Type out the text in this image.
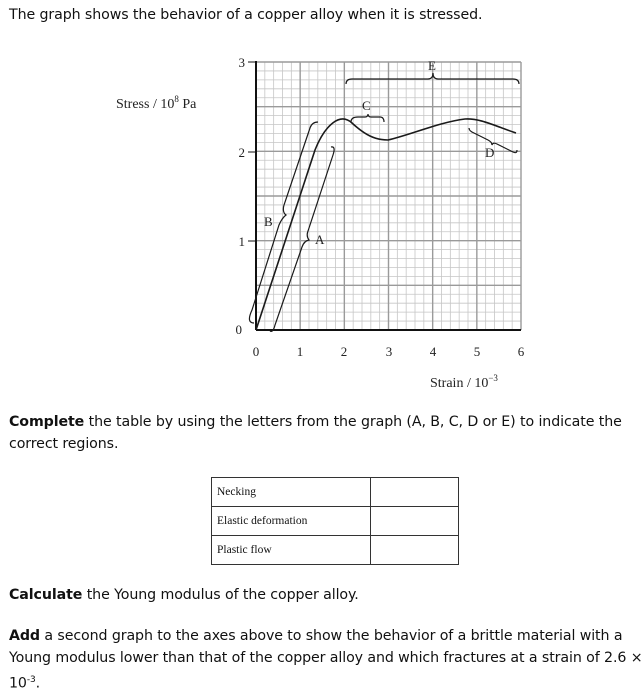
The graph shows the behavior of a copper alloy when it is stressed.
3
2
1
0
0	1	2	3	4	5	6
Stress / $10^8$ Pa
Strain / $10^{-3}$
B
A
C
E
D
Complete the table by using the letters from the graph (A, B, C, D or E) to indicate the correct regions.
Necking	
Elastic deformation	
Plastic flow	
Calculate the Young modulus of the copper alloy.
Add a second graph to the axes above to show the behavior of a brittle material with a Young modulus lower than that of the copper alloy and which fractures at a strain of $2.6 \times 10^{-3}$.
